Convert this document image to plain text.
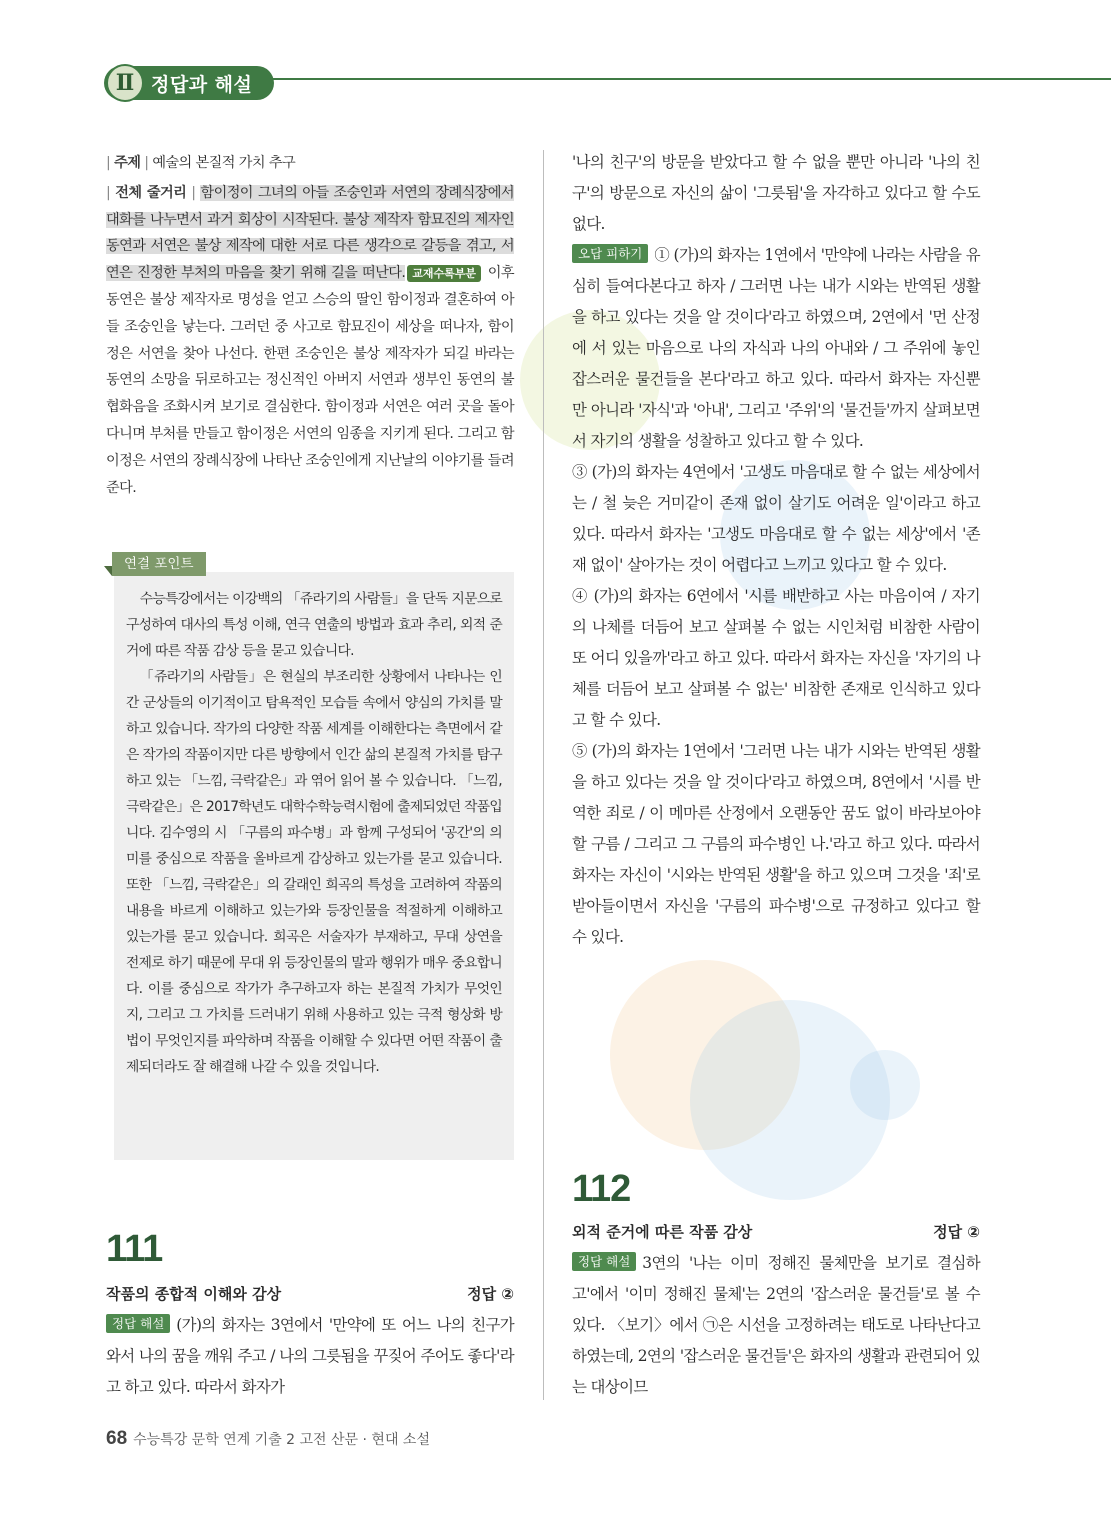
Ⅱ 정답과 해설

| 주제 | 예술의 본질적 가치 추구

| 전체 줄거리 | 함이정이 그녀의 아들 조숭인과 서연의 장례식장에서 대화를 나누면서 과거 회상이 시작된다. 불상 제작자 함묘진의 제자인 동연과 서연은 불상 제작에 대한 서로 다른 생각으로 갈등을 겪고, 서연은 진정한 부처의 마음을 찾기 위해 길을 떠난다. 교재수록부분 이후 동연은 불상 제작자로 명성을 얻고 스승의 딸인 함이정과 결혼하여 아들 조숭인을 낳는다. 그러던 중 사고로 함묘진이 세상을 떠나자, 함이정은 서연을 찾아 나선다. 한편 조숭인은 불상 제작자가 되길 바라는 동연의 소망을 뒤로하고는 정신적인 아버지 서연과 생부인 동연의 불협화음을 조화시켜 보기로 결심한다. 함이정과 서연은 여러 곳을 돌아다니며 부처를 만들고 함이정은 서연의 임종을 지키게 된다. 그리고 함이정은 서연의 장례식장에 나타난 조숭인에게 지난날의 이야기를 들려준다.

연결 포인트

수능특강에서는 이강백의 「쥬라기의 사람들」을 단독 지문으로 구성하여 대사의 특성 이해, 연극 연출의 방법과 효과 추리, 외적 준거에 따른 작품 감상 등을 묻고 있습니다.

「쥬라기의 사람들」은 현실의 부조리한 상황에서 나타나는 인간 군상들의 이기적이고 탐욕적인 모습들 속에서 양심의 가치를 말하고 있습니다. 작가의 다양한 작품 세계를 이해한다는 측면에서 같은 작가의 작품이지만 다른 방향에서 인간 삶의 본질적 가치를 탐구하고 있는 「느낌, 극락같은」과 엮어 읽어 볼 수 있습니다. 「느낌, 극락같은」은 2017학년도 대학수학능력시험에 출제되었던 작품입니다. 김수영의 시 「구름의 파수병」과 함께 구성되어 '공간'의 의미를 중심으로 작품을 올바르게 감상하고 있는가를 묻고 있습니다. 또한 「느낌, 극락같은」의 갈래인 희곡의 특성을 고려하여 작품의 내용을 바르게 이해하고 있는가와 등장인물을 적절하게 이해하고 있는가를 묻고 있습니다. 희곡은 서술자가 부재하고, 무대 상연을 전제로 하기 때문에 무대 위 등장인물의 말과 행위가 매우 중요합니다. 이를 중심으로 작가가 추구하고자 하는 본질적 가치가 무엇인지, 그리고 그 가치를 드러내기 위해 사용하고 있는 극적 형상화 방법이 무엇인지를 파악하며 작품을 이해할 수 있다면 어떤 작품이 출제되더라도 잘 해결해 나갈 수 있을 것입니다.

111
작품의 종합적 이해와 감상	정답 ②

정답 해설 (가)의 화자는 3연에서 '만약에 또 어느 나의 친구가 와서 나의 꿈을 깨워 주고 / 나의 그릇됨을 꾸짖어 주어도 좋다'라고 하고 있다. 따라서 화자가

'나의 친구'의 방문을 받았다고 할 수 없을 뿐만 아니라 '나의 친구'의 방문으로 자신의 삶이 '그릇됨'을 자각하고 있다고 할 수도 없다.

오답 피하기 ① (가)의 화자는 1연에서 '만약에 나라는 사람을 유심히 들여다본다고 하자 / 그러면 나는 내가 시와는 반역된 생활을 하고 있다는 것을 알 것이다'라고 하였으며, 2연에서 '먼 산정에 서 있는 마음으로 나의 자식과 나의 아내와 / 그 주위에 놓인 잡스러운 물건들을 본다'라고 하고 있다. 따라서 화자는 자신뿐만 아니라 '자식'과 '아내', 그리고 '주위'의 '물건들'까지 살펴보면서 자기의 생활을 성찰하고 있다고 할 수 있다.

③ (가)의 화자는 4연에서 '고생도 마음대로 할 수 없는 세상에서는 / 철 늦은 거미같이 존재 없이 살기도 어려운 일'이라고 하고 있다. 따라서 화자는 '고생도 마음대로 할 수 없는 세상'에서 '존재 없이' 살아가는 것이 어렵다고 느끼고 있다고 할 수 있다.

④ (가)의 화자는 6연에서 '시를 배반하고 사는 마음이여 / 자기의 나체를 더듬어 보고 살펴볼 수 없는 시인처럼 비참한 사람이 또 어디 있을까'라고 하고 있다. 따라서 화자는 자신을 '자기의 나체를 더듬어 보고 살펴볼 수 없는' 비참한 존재로 인식하고 있다고 할 수 있다.

⑤ (가)의 화자는 1연에서 '그러면 나는 내가 시와는 반역된 생활을 하고 있다는 것을 알 것이다'라고 하였으며, 8연에서 '시를 반역한 죄로 / 이 메마른 산정에서 오랜동안 꿈도 없이 바라보아야 할 구름 / 그리고 그 구름의 파수병인 나.'라고 하고 있다. 따라서 화자는 자신이 '시와는 반역된 생활'을 하고 있으며 그것을 '죄'로 받아들이면서 자신을 '구름의 파수병'으로 규정하고 있다고 할 수 있다.

112
외적 준거에 따른 작품 감상	정답 ②

정답 해설 3연의 '나는 이미 정해진 물체만을 보기로 결심하고'에서 '이미 정해진 물체'는 2연의 '잡스러운 물건들'로 볼 수 있다. 〈보기〉에서 ㉠은 시선을 고정하려는 태도로 나타난다고 하였는데, 2연의 '잡스러운 물건들'은 화자의 생활과 관련되어 있는 대상이므

68 수능특강 문학 연계 기출 2 고전 산문 · 현대 소설
